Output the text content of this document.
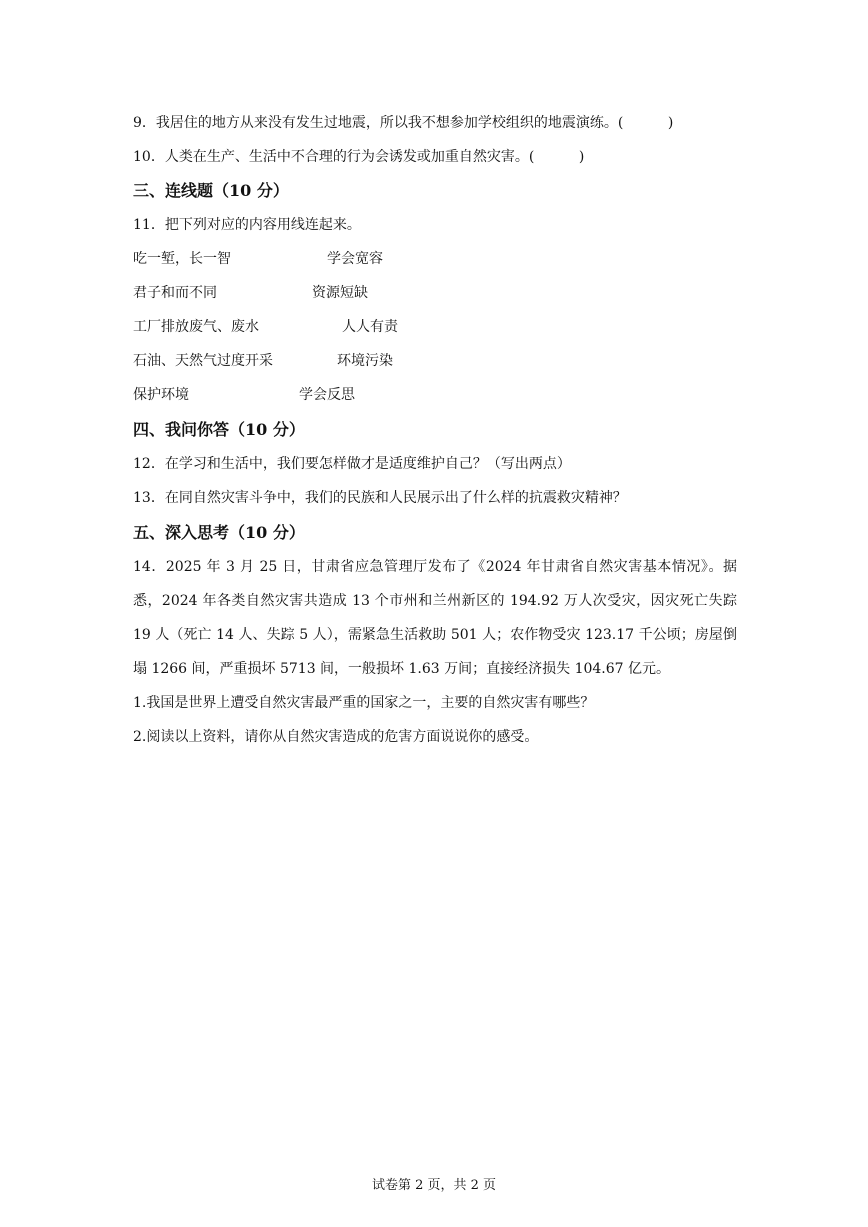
9．我居住的地方从来没有发生过地震，所以我不想参加学校组织的地震演练。(	)
10．人类在生产、生活中不合理的行为会诱发或加重自然灾害。(	)
三、连线题（10 分）
11．把下列对应的内容用线连起来。
吃一堑，长一智	学会宽容
君子和而不同	资源短缺
工厂排放废气、废水	人人有责
石油、天然气过度开采	环境污染
保护环境	学会反思
四、我问你答（10 分）
12．在学习和生活中，我们要怎样做才是适度维护自己？（写出两点）
13．在同自然灾害斗争中，我们的民族和人民展示出了什么样的抗震救灾精神？
五、深入思考（10 分）
14．2025 年 3 月 25 日，甘肃省应急管理厅发布了《2024 年甘肃省自然灾害基本情况》。据悉，2024 年各类自然灾害共造成 13 个市州和兰州新区的 194.92 万人次受灾，因灾死亡失踪 19 人（死亡 14 人、失踪 5 人），需紧急生活救助 501 人；农作物受灾 123.17 千公顷；房屋倒塌 1266 间，严重损坏 5713 间，一般损坏 1.63 万间；直接经济损失 104.67 亿元。
1.我国是世界上遭受自然灾害最严重的国家之一，主要的自然灾害有哪些？
2.阅读以上资料，请你从自然灾害造成的危害方面说说你的感受。
试卷第 2 页，共 2 页
